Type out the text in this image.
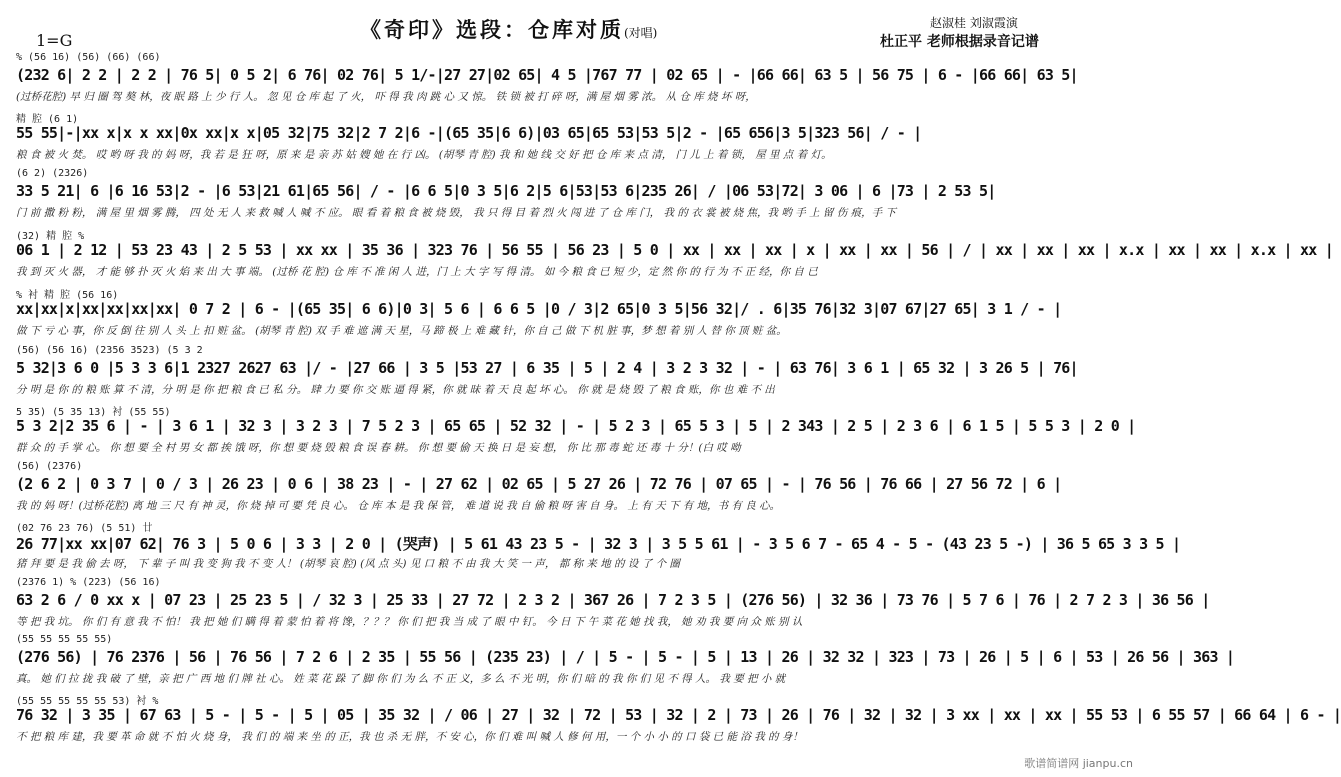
《奇印》选段：仓库对质(对唱)
赵淑桂 刘淑霞演
杜正平 老师根据录音记谱
1=G
% (56 16) (56) (66) (66)
(232 6| 2 2 | 2 2 | 76 5| 0 5 2| 6 76| 02 76| 5 1/-|27 27|02 65| 4 5 |767 77 | 02 65 | - |66 66| 63 5 | 56 75 | 6 - |66 66| 63 5|
(过桥花腔) 早 归 圈 驾 獒 林，夜 眠 路 上 少 行 人。 忽 见 仓 库 起 了 火， 吓 得 我 肉 跳 心 又 惊。 铁 锁 被 打 碎 呀，满 屋 烟 雾 浓。 从 仓 库 烧 坏 呀，
精 腔 (6 1)
55 55|-|xx x|x x xx|0x xx|x x|05 32|75 32|2 7 2|6 -|(65 35|6 6)|03 65|65 53|53 5|2 - |65 656|3 5|323 56| / - |
粮 食 被 火 焚。 哎 哟 呀 我 的 妈 呀，我 若 是 狂 呀，原 来 是 亲 苏 姑 嫂 她 在 行 凶。 (胡琴 青 腔) 我 和 她 线 交 好 把 仓 库 来 点 清， 门 儿 上 着 锁， 屋 里 点 着 灯。
(6 2) (2326)
33 5 21| 6 |6 16 53|2 - |6 53|21 61|65 56| / - |6 6 5|0 3 5|6 2|5 6|53|53 6|235 26| / |06 53|72| 3 06 | 6 |73 | 2 53 5|
门 前 撒 粉 粉， 满 屋 里 烟 雾 腾， 四 处 无 人 来 救 喊 人 喊 不 应。 眼 看 着 粮 食 被 烧 毁， 我 只 得 目 着 烈 火 闯 进 了 仓 库 门， 我 的 衣 裳 被 烧 焦，我 哟 手 上 留 伤 痕，手 下
(32) 精 腔 %
06 1 | 2 12 | 53 23 43 | 2 5 53 | xx xx | 35 36 | 323 76 | 56 55 | 56 23 | 5 0 | xx | xx | xx | x | xx | xx | 56 | / | xx | xx | xx | x.x | xx | xx | x.x | xx |
我 到 灭 火 器， 才 能 够 扑 灭 火 焰 来 出 大 事 端。 (过桥 花 腔) 仓 库 不 准 闲 人 进，门 上 大 字 写 得 清。 如 今 粮 食 已 短 少，定 然 你 的 行 为 不 正 经，你 自 已
% 衬 精 腔 (56 16)
xx|xx|x|xx|xx|xx|xx| 0 7 2 | 6 - |(65 35| 6 6)|0 3| 5 6 | 6 6 5 |0 / 3|2 65|0 3 5|56 32|/ . 6|35 76|32 3|07 67|27 65| 3 1 / - |
做 下 亏 心 事，你 反 倒 往 别 人 头 上 扣 赃 盆。 (胡琴 青 腔) 双 手 难 遮 满 天 星，马 蹄 极 上 难 藏 针，你 自 己 做 下 机 脏 事，梦 想 着 别 人 替 你 顶 赃 盆。
(56) (56 16) (2356 3523) (5 3 2
5 32|3 6 0 |5 3 3 6|1 2327 2627 63 |/ - |27 66 | 3 5 |53 27 | 6 35 | 5 | 2 4 | 3 2 3 32 | - | 63 76| 3 6 1 | 65 32 | 3 26 5 | 76|
分 明 是 你 的 粮 账 算 不 清，分 明 是 你 把 粮 食 已 私 分。 肆 力 要 你 交 账 逼 得 紧，你 就 昧 着 天 良 起 坏 心。 你 就 是 烧 毁 了 粮 食 账，你 也 难 不 出
5 35) (5 35 13) 衬 (55 55)
5 3 2|2 35 6 | - | 3 6 1 | 32 3 | 3 2 3 | 7 5 2 3 | 65 65 | 52 32 | - | 5 2 3 | 65 5 3 | 5 | 2 343 | 2 5 | 2 3 6 | 6 1 5 | 5 5 3 | 2 0 |
群 众 的 手 掌 心。 你 想 要 全 村 男 女 都 挨 饿 呀，你 想 要 烧 毁 粮 食 误 春 耕。 你 想 要 偷 天 换 日 是 妄 想， 你 比 那 毒 蛇 还 毒 十 分！(白 哎 呦
(56) (2376)
(2 6 2 | 0 3 7 | 0 / 3 | 26 23 | 0 6 | 38 23 | - | 27 62 | 02 65 | 5 27 26 | 72 76 | 07 65 | - | 76 56 | 76 66 | 27 56 72 | 6 |
我 的 妈 呀！(过桥花腔) 离 地 三 尺 有 神 灵，你 烧 掉 可 要 凭 良 心。 仓 库 本 是 我 保 管， 难 道 说 我 自 偷 粮 呀 害 自 身。 上 有 天 下 有 地，书 有 良 心。
(02 76 23 76) (5 51) 廿
26 77|xx xx|07 62| 76 3 | 5 0 6 | 3 3 | 2 0 | (哭声) | 5 61 43 23 5 - | 32 3 | 3 5 5 61 | - 3 5 6 7 - 65 4 - 5 - (43 23 5 -) | 36 5 65 3 3 5 |
猪 拜 要 是 我 偷 去 呀， 下 辈 子 叫 我 变 狗 我 不 变 人！ (胡琴 哀 腔) (风 点 头) 见 口 粮 不 由 我 大 笑 一 声， 都 称 来 地 的 设 了 个 圈
(2376 1) % (223) (56 16)
63 2 6 / 0 xx x | 07 23 | 25 23 5 | / 32 3 | 25 33 | 27 72 | 2 3 2 | 367 26 | 7 2 3 5 | (276 56) | 32 36 | 73 76 | 5 7 6 | 76 | 2 7 2 3 | 36 56 |
等 把 我 坑。 你 们 有 意 我 不 怕！ 我 把 她 们 瞒 得 着 蒙 怕 着 将 馋，？？？ 你 们 把 我 当 成 了 眼 中 钉。 今 日 下 午 菜 花 她 找 我， 她 劝 我 要 向 众 账 别 认
(55 55 55 55 55)
(276 56) | 76 2376 | 56 | 76 56 | 7 2 6 | 2 35 | 55 56 | (235 23) | / | 5 - | 5 - | 5 | 13 | 26 | 32 32 | 323 | 73 | 26 | 5 | 6 | 53 | 26 56 | 363 |
真。 她 们 拉 拢 我 破 了 壁，亲 把 广 西 地 们 牌 社 心。 姓 菜 花 跺 了 脚 你 们 为 么 不 正 义，多 么 不 光 明，你 们 暗 的 我 你 们 见 不 得 人。 我 要 把 小 就
(55 55 55 55 55 53) 衬 %
76 32 | 3 35 | 67 63 | 5 - | 5 - | 5 | 05 | 35 32 | / 06 | 27 | 32 | 72 | 53 | 32 | 2 | 73 | 26 | 76 | 32 | 32 | 3 xx | xx | xx | 55 53 | 6 55 57 | 66 64 | 6 - |
不 把 粮 库 建，我 要 革 命 就 不 怕 火 烧 身， 我 们 的 端 来 坐 的 正，我 也 杀 无 胖，不 安 心，你 们 难 叫 喊 人 修 何 用，一 个 小 小 的 口 袋 已 能 浴 我 的 身！
歌谱简谱网 jianpu.cn
